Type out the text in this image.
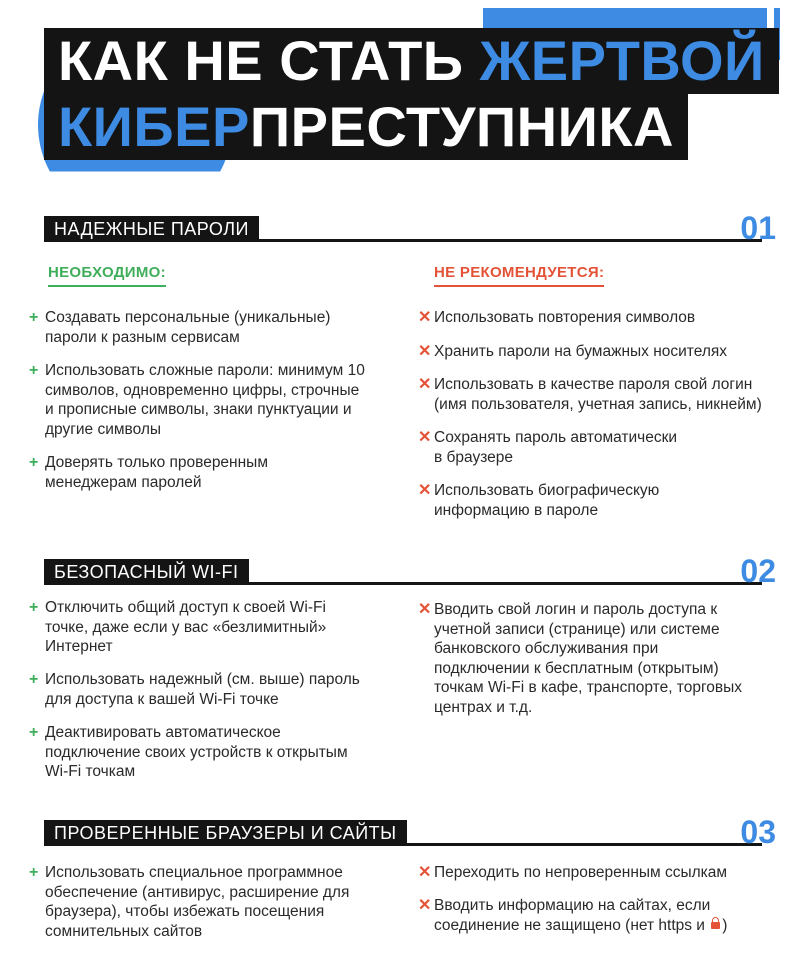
КАК НЕ СТАТЬ ЖЕРТВОЙ
КИБЕРПРЕСТУПНИКА
НАДЕЖНЫЕ ПАРОЛИ	01
НЕОБХОДИМО:	НЕ РЕКОМЕНДУЕТСЯ:
+ Создавать персональные (уникальные)
пароли к разным сервисам
+ Использовать сложные пароли: минимум 10
символов, одновременно цифры, строчные
и прописные символы, знаки пунктуации и
другие символы
+ Доверять только проверенным
менеджерам паролей
✕ Использовать повторения символов
✕ Хранить пароли на бумажных носителях
✕ Использовать в качестве пароля свой логин
(имя пользователя, учетная запись, никнейм)
✕ Сохранять пароль автоматически
в браузере
✕ Использовать биографическую
информацию в пароле
БЕЗОПАСНЫЙ WI-FI	02
+ Отключить общий доступ к своей Wi-Fi
точке, даже если у вас «безлимитный»
Интернет
+ Использовать надежный (см. выше) пароль
для доступа к вашей Wi-Fi точке
+ Деактивировать автоматическое
подключение своих устройств к открытым
Wi-Fi точкам
✕ Вводить свой логин и пароль доступа к
учетной записи (странице) или системе
банковского обслуживания при
подключении к бесплатным (открытым)
точкам Wi-Fi в кафе, транспорте, торговых
центрах и т.д.
ПРОВЕРЕННЫЕ БРАУЗЕРЫ И САЙТЫ	03
+ Использовать специальное программное
обеспечение (антивирус, расширение для
браузера), чтобы избежать посещения
сомнительных сайтов
✕ Переходить по непроверенным ссылкам
✕ Вводить информацию на сайтах, если
соединение не защищено (нет https и )
